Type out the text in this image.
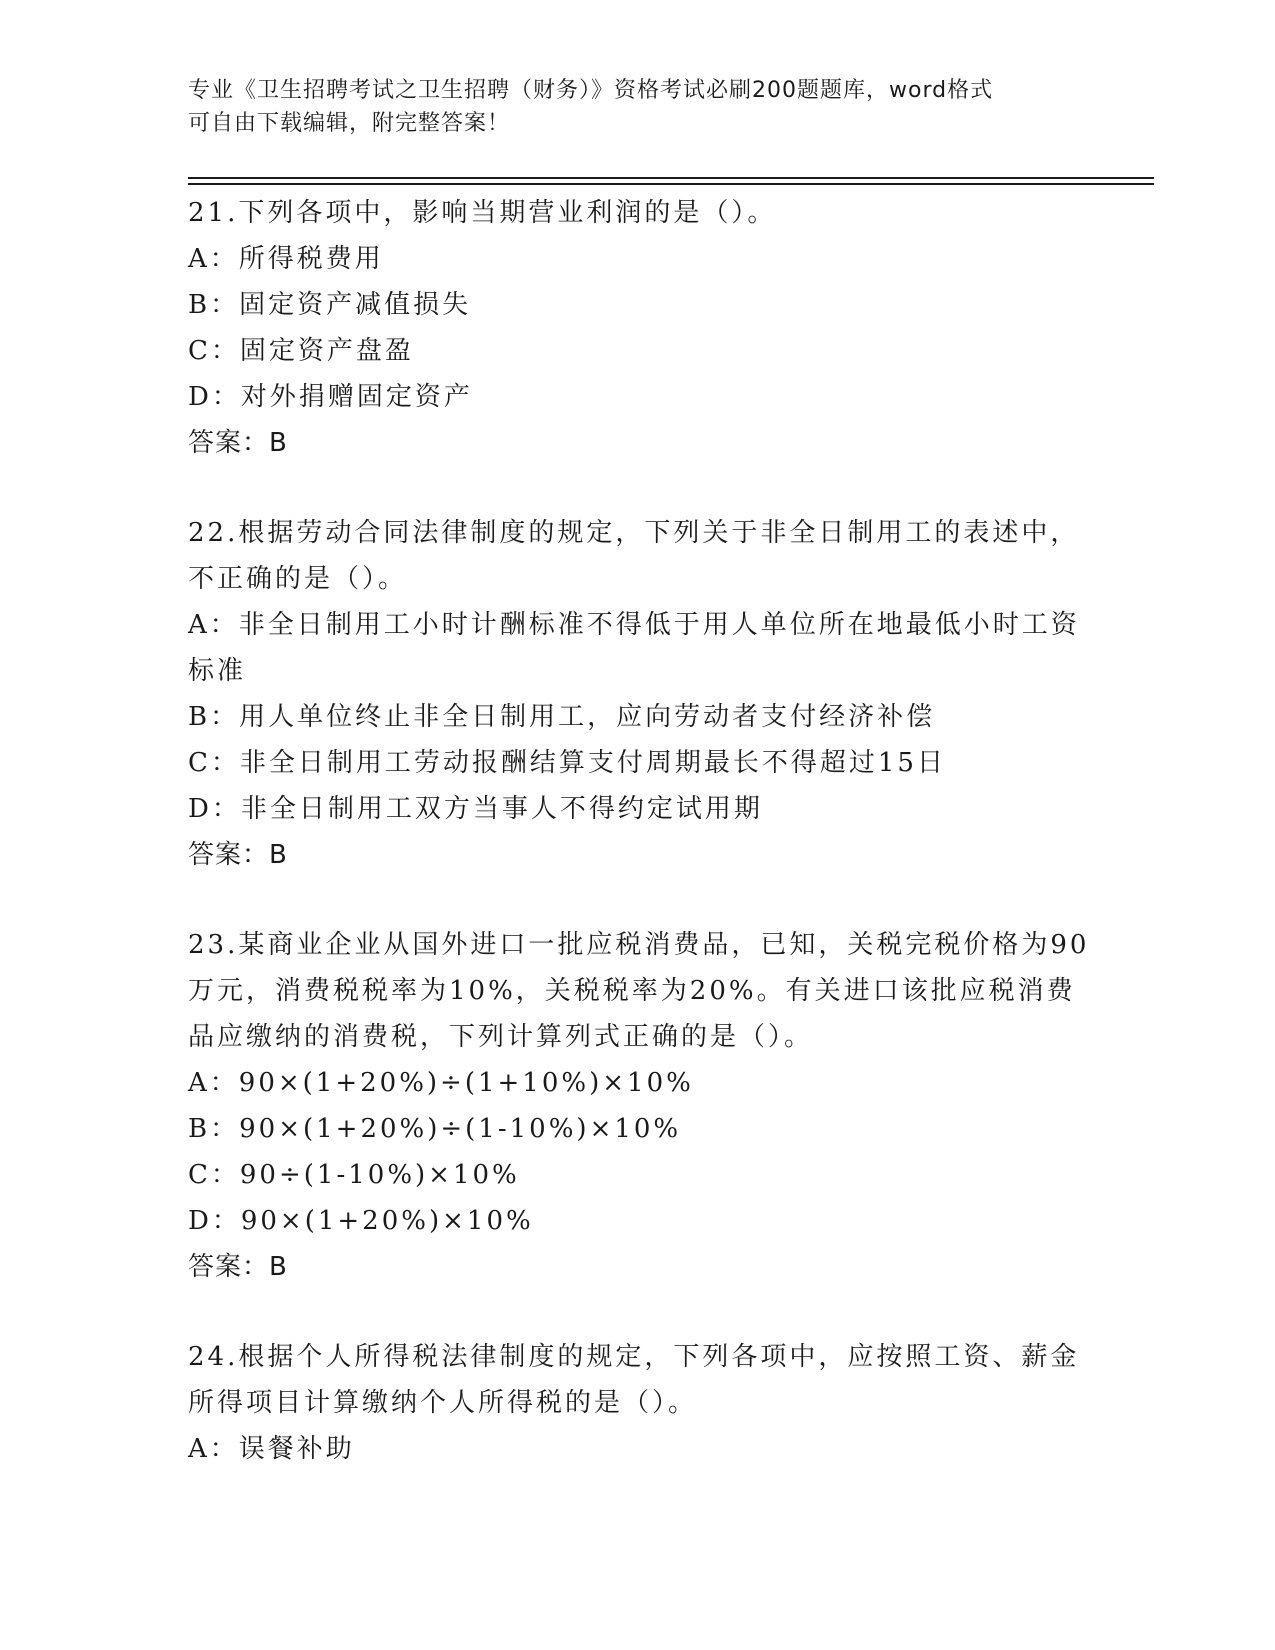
专业《卫生招聘考试之卫生招聘（财务）》资格考试必刷200题题库，word格式
可自由下载编辑，附完整答案！
21.下列各项中，影响当期营业利润的是（）。
A：所得税费用
B：固定资产减值损失
C：固定资产盘盈
D：对外捐赠固定资产
答案：B
22.根据劳动合同法律制度的规定，下列关于非全日制用工的表述中，
不正确的是（）。
A：非全日制用工小时计酬标准不得低于用人单位所在地最低小时工资
标准
B：用人单位终止非全日制用工，应向劳动者支付经济补偿
C：非全日制用工劳动报酬结算支付周期最长不得超过15日
D：非全日制用工双方当事人不得约定试用期
答案：B
23.某商业企业从国外进口一批应税消费品，已知，关税完税价格为90
万元，消费税税率为10%，关税税率为20%。有关进口该批应税消费
品应缴纳的消费税，下列计算列式正确的是（）。
A：90×(1+20%)÷(1+10%)×10%
B：90×(1+20%)÷(1-10%)×10%
C：90÷(1-10%)×10%
D：90×(1+20%)×10%
答案：B
24.根据个人所得税法律制度的规定，下列各项中，应按照工资、薪金
所得项目计算缴纳个人所得税的是（）。
A：误餐补助
